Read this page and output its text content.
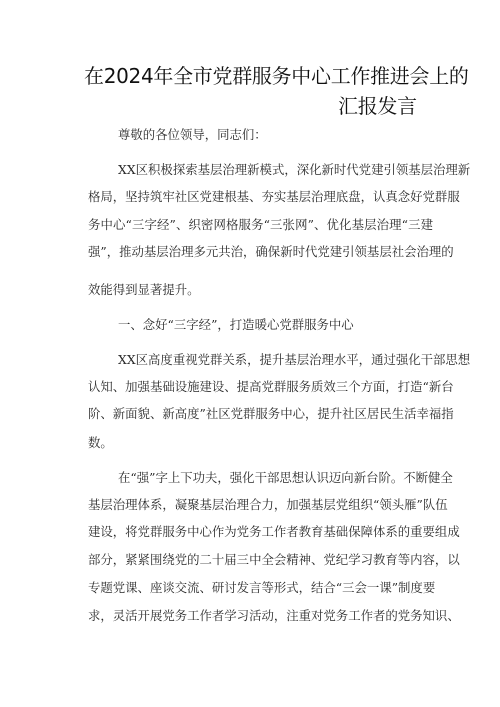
在2024年全市党群服务中心工作推进会上的
汇报发言
尊敬的各位领导，同志们：
XX区积极探索基层治理新模式，深化新时代党建引领基层治理新
格局，坚持筑牢社区党建根基、夯实基层治理底盘，认真念好党群服
务中心“三字经”、织密网格服务“三张网”、优化基层治理“三建
强”，推动基层治理多元共治，确保新时代党建引领基层社会治理的
效能得到显著提升。
一、念好“三字经”，打造暖心党群服务中心
XX区高度重视党群关系，提升基层治理水平，通过强化干部思想
认知、加强基础设施建设、提高党群服务质效三个方面，打造“新台
阶、新面貌、新高度”社区党群服务中心，提升社区居民生活幸福指
数。
在“强”字上下功夫，强化干部思想认识迈向新台阶。不断健全
基层治理体系，凝聚基层治理合力，加强基层党组织“领头雁”队伍
建设，将党群服务中心作为党务工作者教育基础保障体系的重要组成
部分，紧紧围绕党的二十届三中全会精神、党纪学习教育等内容，以
专题党课、座谈交流、研讨发言等形式，结合“三会一课”制度要
求，灵活开展党务工作者学习活动，注重对党务工作者的党务知识、
